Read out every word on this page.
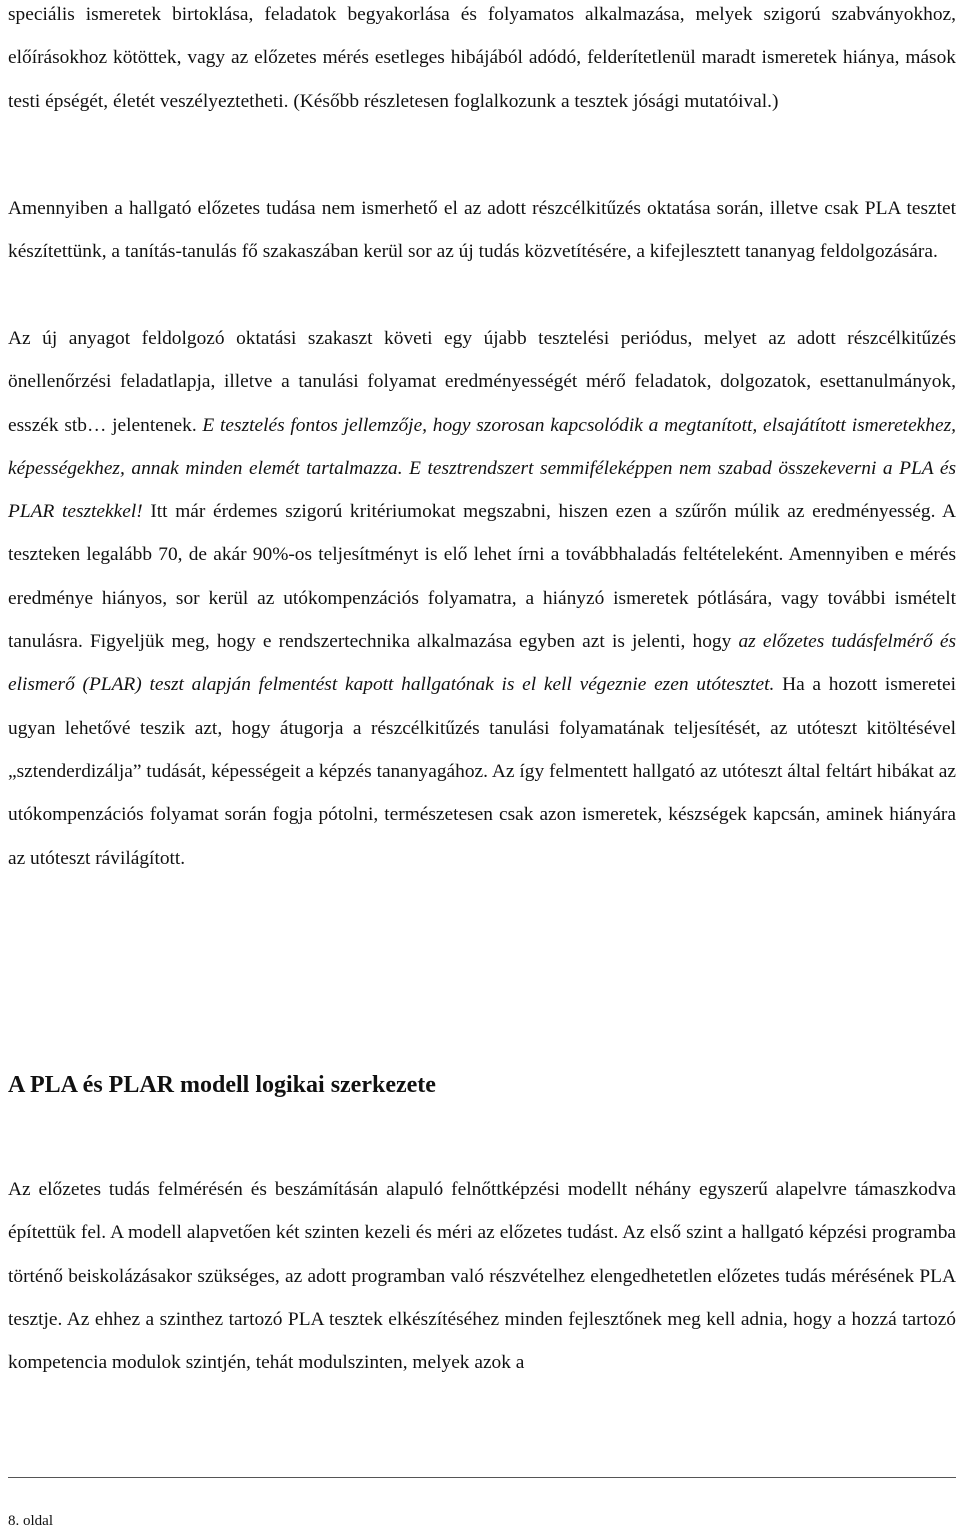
speciális ismeretek birtoklása, feladatok begyakorlása és folyamatos alkalmazása, melyek szigorú szabványokhoz, előírásokhoz kötöttek, vagy az előzetes mérés esetleges hibájából adódó, felderítetlenül maradt ismeretek hiánya, mások testi épségét, életét veszélyeztetheti. (Később részletesen foglalkozunk a tesztek jósági mutatóival.)

Amennyiben a hallgató előzetes tudása nem ismerhető el az adott részcélkitűzés oktatása során, illetve csak PLA tesztet készítettünk, a tanítás-tanulás fő szakaszában kerül sor az új tudás közvetítésére, a kifejlesztett tananyag feldolgozására.

Az új anyagot feldolgozó oktatási szakaszt követi egy újabb tesztelési periódus, melyet az adott részcélkitűzés önellenőrzési feladatlapja, illetve a tanulási folyamat eredményességét mérő feladatok, dolgozatok, esettanulmányok, esszék stb… jelentenek. E tesztelés fontos jellemzője, hogy szorosan kapcsolódik a megtanított, elsajátított ismeretekhez, képességekhez, annak minden elemét tartalmazza. E tesztrendszert semmiféleképpen nem szabad összekeverni a PLA és PLAR tesztekkel! Itt már érdemes szigorú kritériumokat megszabni, hiszen ezen a szűrőn múlik az eredményesség. A teszteken legalább 70, de akár 90%-os teljesítményt is elő lehet írni a továbbhaladás feltételeként. Amennyiben e mérés eredménye hiányos, sor kerül az utókompenzációs folyamatra, a hiányzó ismeretek pótlására, vagy további ismételt tanulásra. Figyeljük meg, hogy e rendszertechnika alkalmazása egyben azt is jelenti, hogy az előzetes tudásfelmérő és elismerő (PLAR) teszt alapján felmentést kapott hallgatónak is el kell végeznie ezen utótesztet. Ha a hozott ismeretei ugyan lehetővé teszik azt, hogy átugorja a részcélkitűzés tanulási folyamatának teljesítését, az utóteszt kitöltésével „sztenderdizálja” tudását, képességeit a képzés tananyagához. Az így felmentett hallgató az utóteszt által feltárt hibákat az utókompenzációs folyamat során fogja pótolni, természetesen csak azon ismeretek, készségek kapcsán, aminek hiányára az utóteszt rávilágított.

A PLA és PLAR modell logikai szerkezete

Az előzetes tudás felmérésén és beszámításán alapuló felnőttképzési modellt néhány egyszerű alapelvre támaszkodva építettük fel. A modell alapvetően két szinten kezeli és méri az előzetes tudást. Az első szint a hallgató képzési programba történő beiskolázásakor szükséges, az adott programban való részvételhez elengedhetetlen előzetes tudás mérésének PLA tesztje. Az ehhez a szinthez tartozó PLA tesztek elkészítéséhez minden fejlesztőnek meg kell adnia, hogy a hozzá tartozó kompetencia modulok szintjén, tehát modulszinten, melyek azok a

8. oldal
